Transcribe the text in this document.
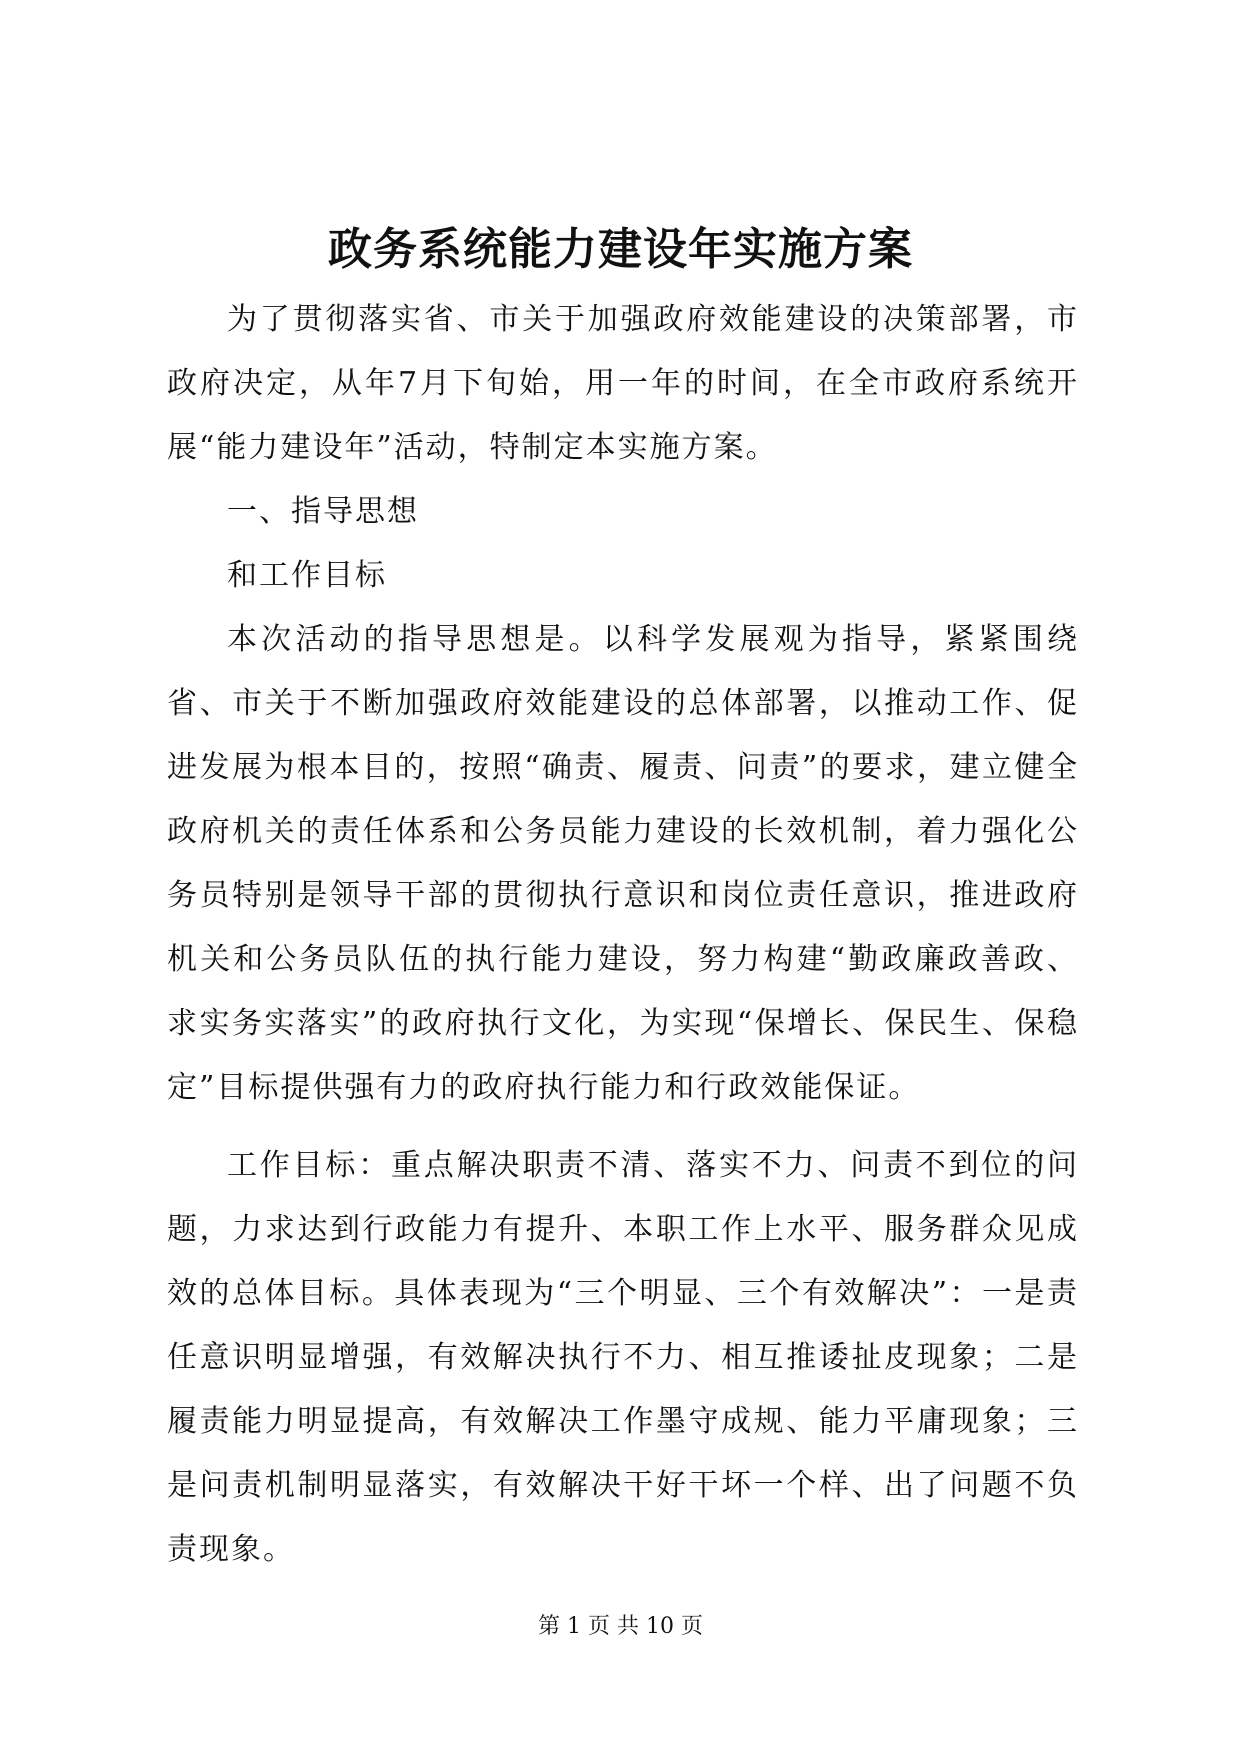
政务系统能力建设年实施方案

为了贯彻落实省、市关于加强政府效能建设的决策部署，市政府决定，从年7月下旬始，用一年的时间，在全市政府系统开展“能力建设年”活动，特制定本实施方案。

一、指导思想

和工作目标

本次活动的指导思想是。以科学发展观为指导，紧紧围绕省、市关于不断加强政府效能建设的总体部署，以推动工作、促进发展为根本目的，按照“确责、履责、问责”的要求，建立健全政府机关的责任体系和公务员能力建设的长效机制，着力强化公务员特别是领导干部的贯彻执行意识和岗位责任意识，推进政府机关和公务员队伍的执行能力建设，努力构建“勤政廉政善政、求实务实落实”的政府执行文化，为实现“保增长、保民生、保稳定”目标提供强有力的政府执行能力和行政效能保证。

工作目标：重点解决职责不清、落实不力、问责不到位的问题，力求达到行政能力有提升、本职工作上水平、服务群众见成效的总体目标。具体表现为“三个明显、三个有效解决”：一是责任意识明显增强，有效解决执行不力、相互推诿扯皮现象；二是履责能力明显提高，有效解决工作墨守成规、能力平庸现象；三是问责机制明显落实，有效解决干好干坏一个样、出了问题不负责现象。

第 1 页 共 10 页
